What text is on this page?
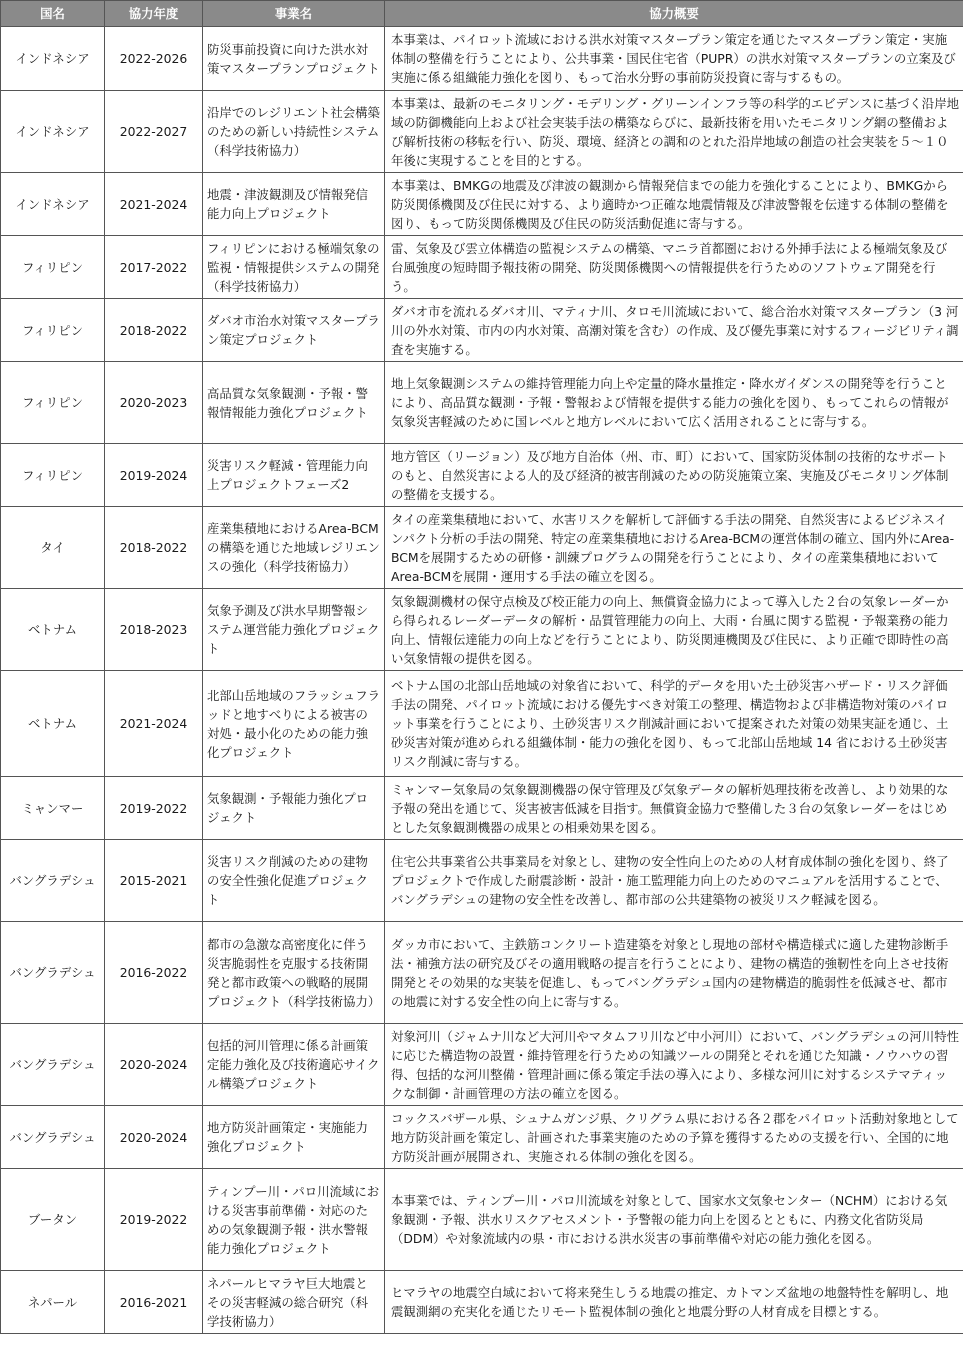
国名	協力年度	事業名	協力概要
インドネシア	2022-2026	防災事前投資に向けた洪水対策マスタープランプロジェクト	本事業は、パイロット流域における洪水対策マスタープラン策定を通じたマスタープラン策定・実施体制の整備を行うことにより、公共事業・国民住宅省（PUPR）の洪水対策マスタープランの立案及び実施に係る組織能力強化を図り、もって治水分野の事前防災投資に寄与するもの。
インドネシア	2022-2027	沿岸でのレジリエント社会構築のための新しい持続性システム（科学技術協力）	本事業は、最新のモニタリング・モデリング・グリーンインフラ等の科学的エビデンスに基づく沿岸地域の防御機能向上および社会実装手法の構築ならびに、最新技術を用いたモニタリング網の整備および解析技術の移転を行い、防災、環境、経済との調和のとれた沿岸地域の創造の社会実装を５〜１０年後に実現することを目的とする。
インドネシア	2021-2024	地震・津波観測及び情報発信能力向上プロジェクト	本事業は、BMKGの地震及び津波の観測から情報発信までの能力を強化することにより、BMKGから防災関係機関及び住民に対する、より適時かつ正確な地震情報及び津波警報を伝達する体制の整備を図り、もって防災関係機関及び住民の防災活動促進に寄与する。
フィリピン	2017-2022	フィリピンにおける極端気象の監視・情報提供システムの開発（科学技術協力）	雷、気象及び雲立体構造の監視システムの構築、マニラ首都圏における外挿手法による極端気象及び台風強度の短時間予報技術の開発、防災関係機関への情報提供を行うためのソフトウェア開発を行う。
フィリピン	2018-2022	ダバオ市治水対策マスタープラン策定プロジェクト	ダバオ市を流れるダバオ川、マティナ川、タロモ川流域において、総合治水対策マスタープラン（3 河川の外水対策、市内の内水対策、高潮対策を含む）の作成、及び優先事業に対するフィージビリティ調査を実施する。
フィリピン	2020-2023	高品質な気象観測・予報・警報情報能力強化プロジェクト	地上気象観測システムの維持管理能力向上や定量的降水量推定・降水ガイダンスの開発等を行うことにより、高品質な観測・予報・警報および情報を提供する能力の強化を図り、もってこれらの情報が気象災害軽減のために国レベルと地方レベルにおいて広く活用されることに寄与する。
フィリピン	2019-2024	災害リスク軽減・管理能力向上プロジェクトフェーズ2	地方管区（リージョン）及び地方自治体（州、市、町）において、国家防災体制の技術的なサポートのもと、自然災害による人的及び経済的被害削減のための防災施策立案、実施及びモニタリング体制の整備を支援する。
タイ	2018-2022	産業集積地におけるArea-BCMの構築を通じた地域レジリエンスの強化（科学技術協力）	タイの産業集積地において、水害リスクを解析して評価する手法の開発、自然災害によるビジネスインパクト分析の手法の開発、特定の産業集積地におけるArea-BCMの運営体制の確立、国内外にArea-BCMを展開するための研修・訓練プログラムの開発を行うことにより、タイの産業集積地においてArea-BCMを展開・運用する手法の確立を図る。
ベトナム	2018-2023	気象予測及び洪水早期警報システム運営能力強化プロジェクト	気象観測機材の保守点検及び校正能力の向上、無償資金協力によって導入した２台の気象レーダーから得られるレーダーデータの解析・品質管理能力の向上、大雨・台風に関する監視・予報業務の能力向上、情報伝達能力の向上などを行うことにより、防災関連機関及び住民に、より正確で即時性の高い気象情報の提供を図る。
ベトナム	2021-2024	北部山岳地域のフラッシュフラッドと地すべりによる被害の対処・最小化のための能力強化プロジェクト	ベトナム国の北部山岳地域の対象省において、科学的データを用いた土砂災害ハザード・リスク評価手法の開発、パイロット流域における優先すべき対策工の整理、構造物および非構造物対策のパイロット事業を行うことにより、土砂災害リスク削減計画において提案された対策の効果実証を通じ、土砂災害対策が進められる組織体制・能力の強化を図り、もって北部山岳地域 14 省における土砂災害リスク削減に寄与する。
ミャンマー	2019-2022	気象観測・予報能力強化プロジェクト	ミャンマー気象局の気象観測機器の保守管理及び気象データの解析処理技術を改善し、より効果的な予報の発出を通じて、災害被害低減を目指す。無償資金協力で整備した３台の気象レーダーをはじめとした気象観測機器の成果との相乗効果を図る。
バングラデシュ	2015-2021	災害リスク削減のための建物の安全性強化促進プロジェクト	住宅公共事業省公共事業局を対象とし、建物の安全性向上のための人材育成体制の強化を図り、終了プロジェクトで作成した耐震診断・設計・施工監理能力向上のためのマニュアルを活用することで、バングラデシュの建物の安全性を改善し、都市部の公共建築物の被災リスク軽減を図る。
バングラデシュ	2016-2022	都市の急激な高密度化に伴う災害脆弱性を克服する技術開発と都市政策への戦略的展開プロジェクト（科学技術協力）	ダッカ市において、主鉄筋コンクリート造建築を対象とし現地の部材や構造様式に適した建物診断手法・補強方法の研究及びその適用戦略の提言を行うことにより、建物の構造的強靭性を向上させ技術開発とその効果的な実装を促進し、もってバングラデシュ国内の建物構造的脆弱性を低減させ、都市の地震に対する安全性の向上に寄与する。
バングラデシュ	2020-2024	包括的河川管理に係る計画策定能力強化及び技術適応サイクル構築プロジェクト	対象河川（ジャムナ川など大河川やマタムフリ川など中小河川）において、バングラデシュの河川特性に応じた構造物の設置・維持管理を行うための知識ツールの開発とそれを通じた知識・ノウハウの習得、包括的な河川整備・管理計画に係る策定手法の導入により、多様な河川に対するシステマティックな制御・計画管理の方法の確立を図る。
バングラデシュ	2020-2024	地方防災計画策定・実施能力強化プロジェクト	コックスバザール県、シュナムガンジ県、クリグラム県における各２郡をパイロット活動対象地として地方防災計画を策定し、計画された事業実施のための予算を獲得するための支援を行い、全国的に地方防災計画が展開され、実施される体制の強化を図る。
ブータン	2019-2022	ティンプー川・パロ川流域における災害事前準備・対応のための気象観測予報・洪水警報能力強化プロジェクト	本事業では、ティンプー川・パロ川流域を対象として、国家水文気象センター（NCHM）における気象観測・予報、洪水リスクアセスメント・予警報の能力向上を図るとともに、内務文化省防災局（DDM）や対象流域内の県・市における洪水災害の事前準備や対応の能力強化を図る。
ネパール	2016-2021	ネパールヒマラヤ巨大地震とその災害軽減の総合研究（科学技術協力）	ヒマラヤの地震空白域において将来発生しうる地震の推定、カトマンズ盆地の地盤特性を解明し、地震観測網の充実化を通じたリモート監視体制の強化と地震分野の人材育成を目標とする。
